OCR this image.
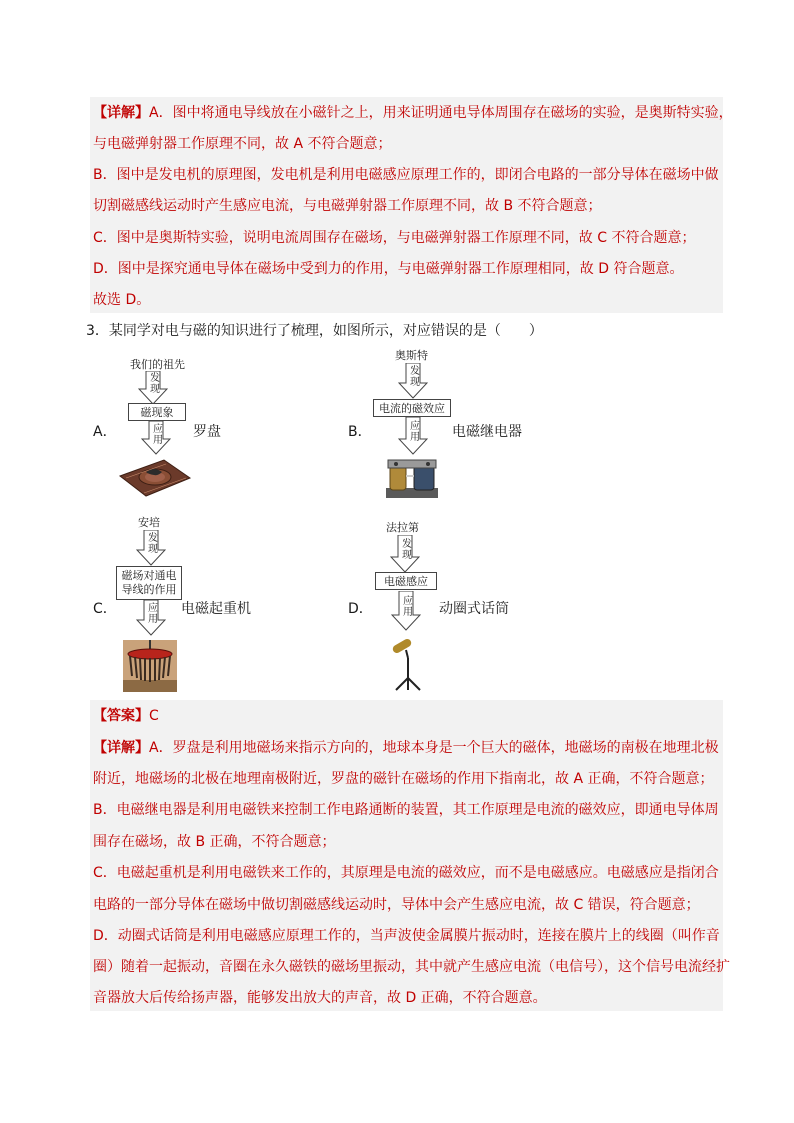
【详解】A．图中将通电导线放在小磁针之上，用来证明通电导体周围存在磁场的实验，是奥斯特实验，
与电磁弹射器工作原理不同，故 A 不符合题意；
B．图中是发电机的原理图，发电机是利用电磁感应原理工作的，即闭合电路的一部分导体在磁场中做
切割磁感线运动时产生感应电流，与电磁弹射器工作原理不同，故 B 不符合题意；
C．图中是奥斯特实验，说明电流周围存在磁场，与电磁弹射器工作原理不同，故 C 不符合题意；
D．图中是探究通电导体在磁场中受到力的作用，与电磁弹射器工作原理相同，故 D 符合题意。
故选 D。
3．某同学对电与磁的知识进行了梳理，如图所示，对应错误的是（　　）
我们的祖先
发现
磁现象
A．	应用
罗盘
奥斯特
发现
电流的磁效应
B．	应用 电磁继电器
安培
发现
磁场对通电导线的作用
C．	应用
电磁起重机
法拉第
发现
电磁感应
D．	应用 动圈式话筒
【答案】C
【详解】A．罗盘是利用地磁场来指示方向的，地球本身是一个巨大的磁体，地磁场的南极在地理北极
附近，地磁场的北极在地理南极附近，罗盘的磁针在磁场的作用下指南北，故 A 正确，不符合题意；
B．电磁继电器是利用电磁铁来控制工作电路通断的装置，其工作原理是电流的磁效应，即通电导体周
围存在磁场，故 B 正确，不符合题意；
C．电磁起重机是利用电磁铁来工作的，其原理是电流的磁效应，而不是电磁感应。电磁感应是指闭合
电路的一部分导体在磁场中做切割磁感线运动时，导体中会产生感应电流，故 C 错误，符合题意；
D．动圈式话筒是利用电磁感应原理工作的，当声波使金属膜片振动时，连接在膜片上的线圈（叫作音
圈）随着一起振动，音圈在永久磁铁的磁场里振动，其中就产生感应电流（电信号），这个信号电流经扩
音器放大后传给扬声器，能够发出放大的声音，故 D 正确，不符合题意。
